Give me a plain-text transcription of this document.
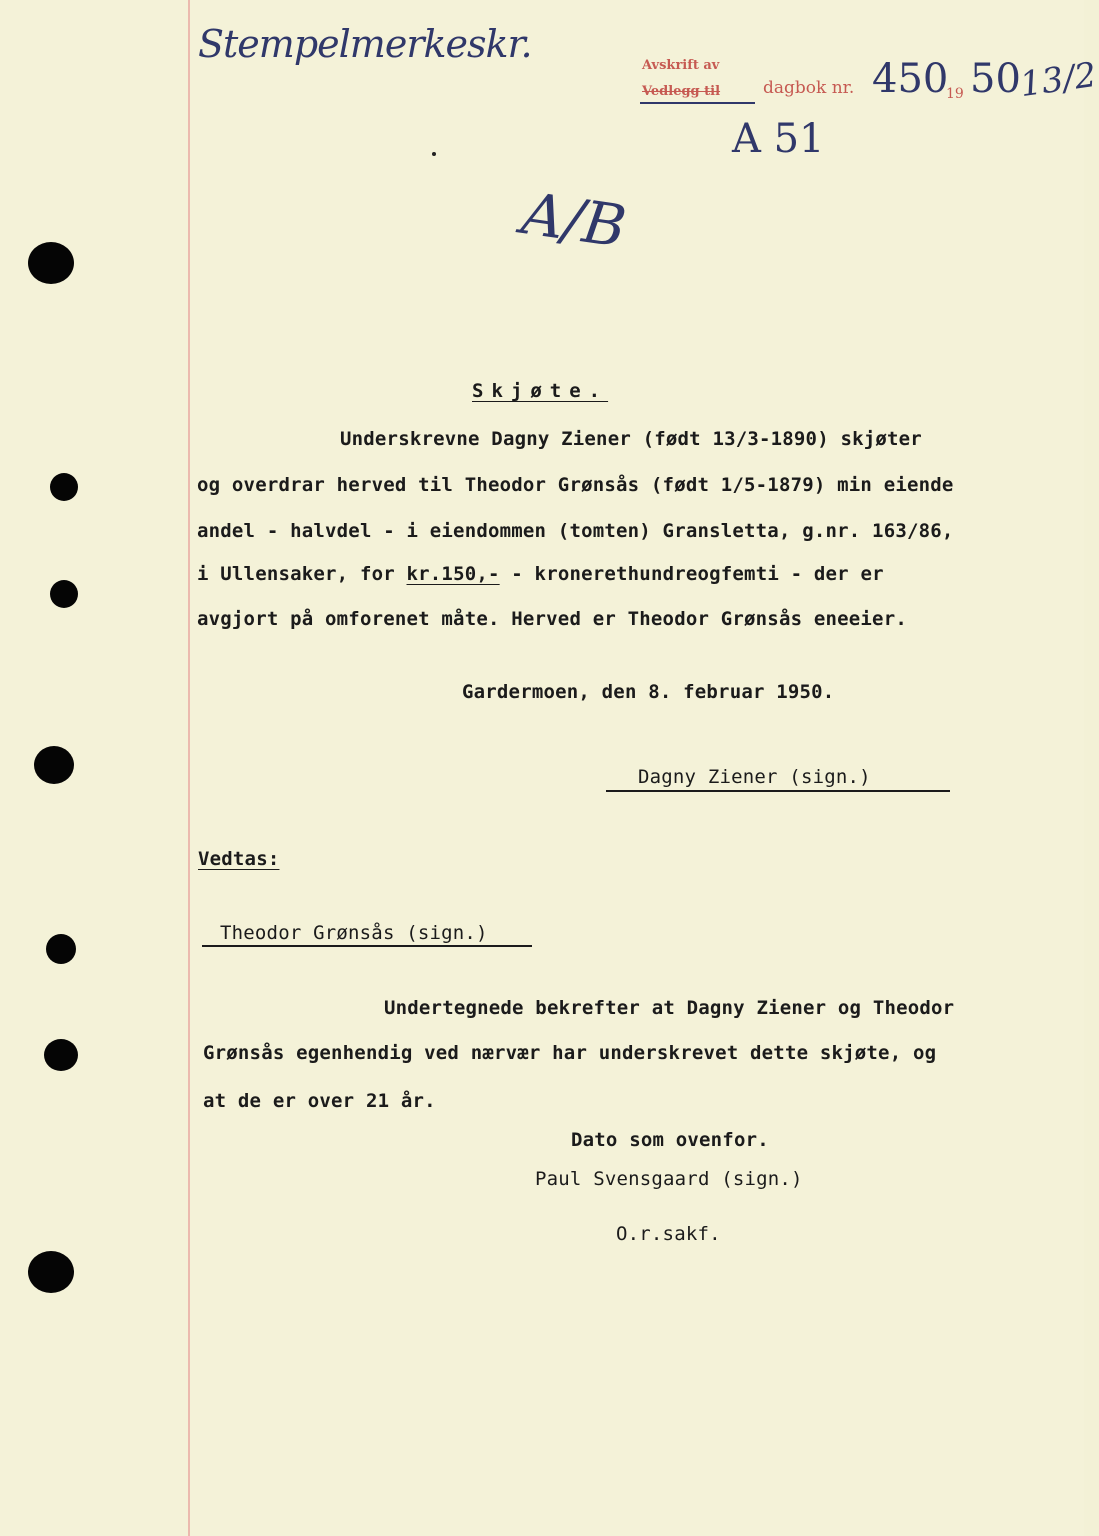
Stempelmerkeskr.	Avskrift av
Vedlegg til	dagbok nr. 450
19 50
13/2
A 51
A/B
Skjøte.
Underskrevne Dagny Ziener (født 13/3-1890) skjøter
og overdrar herved til Theodor Grønsås (født 1/5-1879) min eiende
andel - halvdel - i eiendommen (tomten) Gransletta, g.nr. 163/86,
i Ullensaker, for kr.150,- - kronerethundreogfemti - der er
avgjort på omforenet måte. Herved er Theodor Grønsås eneeier.
Gardermoen, den 8. februar 1950.
Dagny Ziener (sign.)
Vedtas:
Theodor Grønsås (sign.)
Undertegnede bekrefter at Dagny Ziener og Theodor
Grønsås egenhendig ved nærvær har underskrevet dette skjøte, og
at de er over 21 år.
Dato som ovenfor.
Paul Svensgaard (sign.)
O.r.sakf.
